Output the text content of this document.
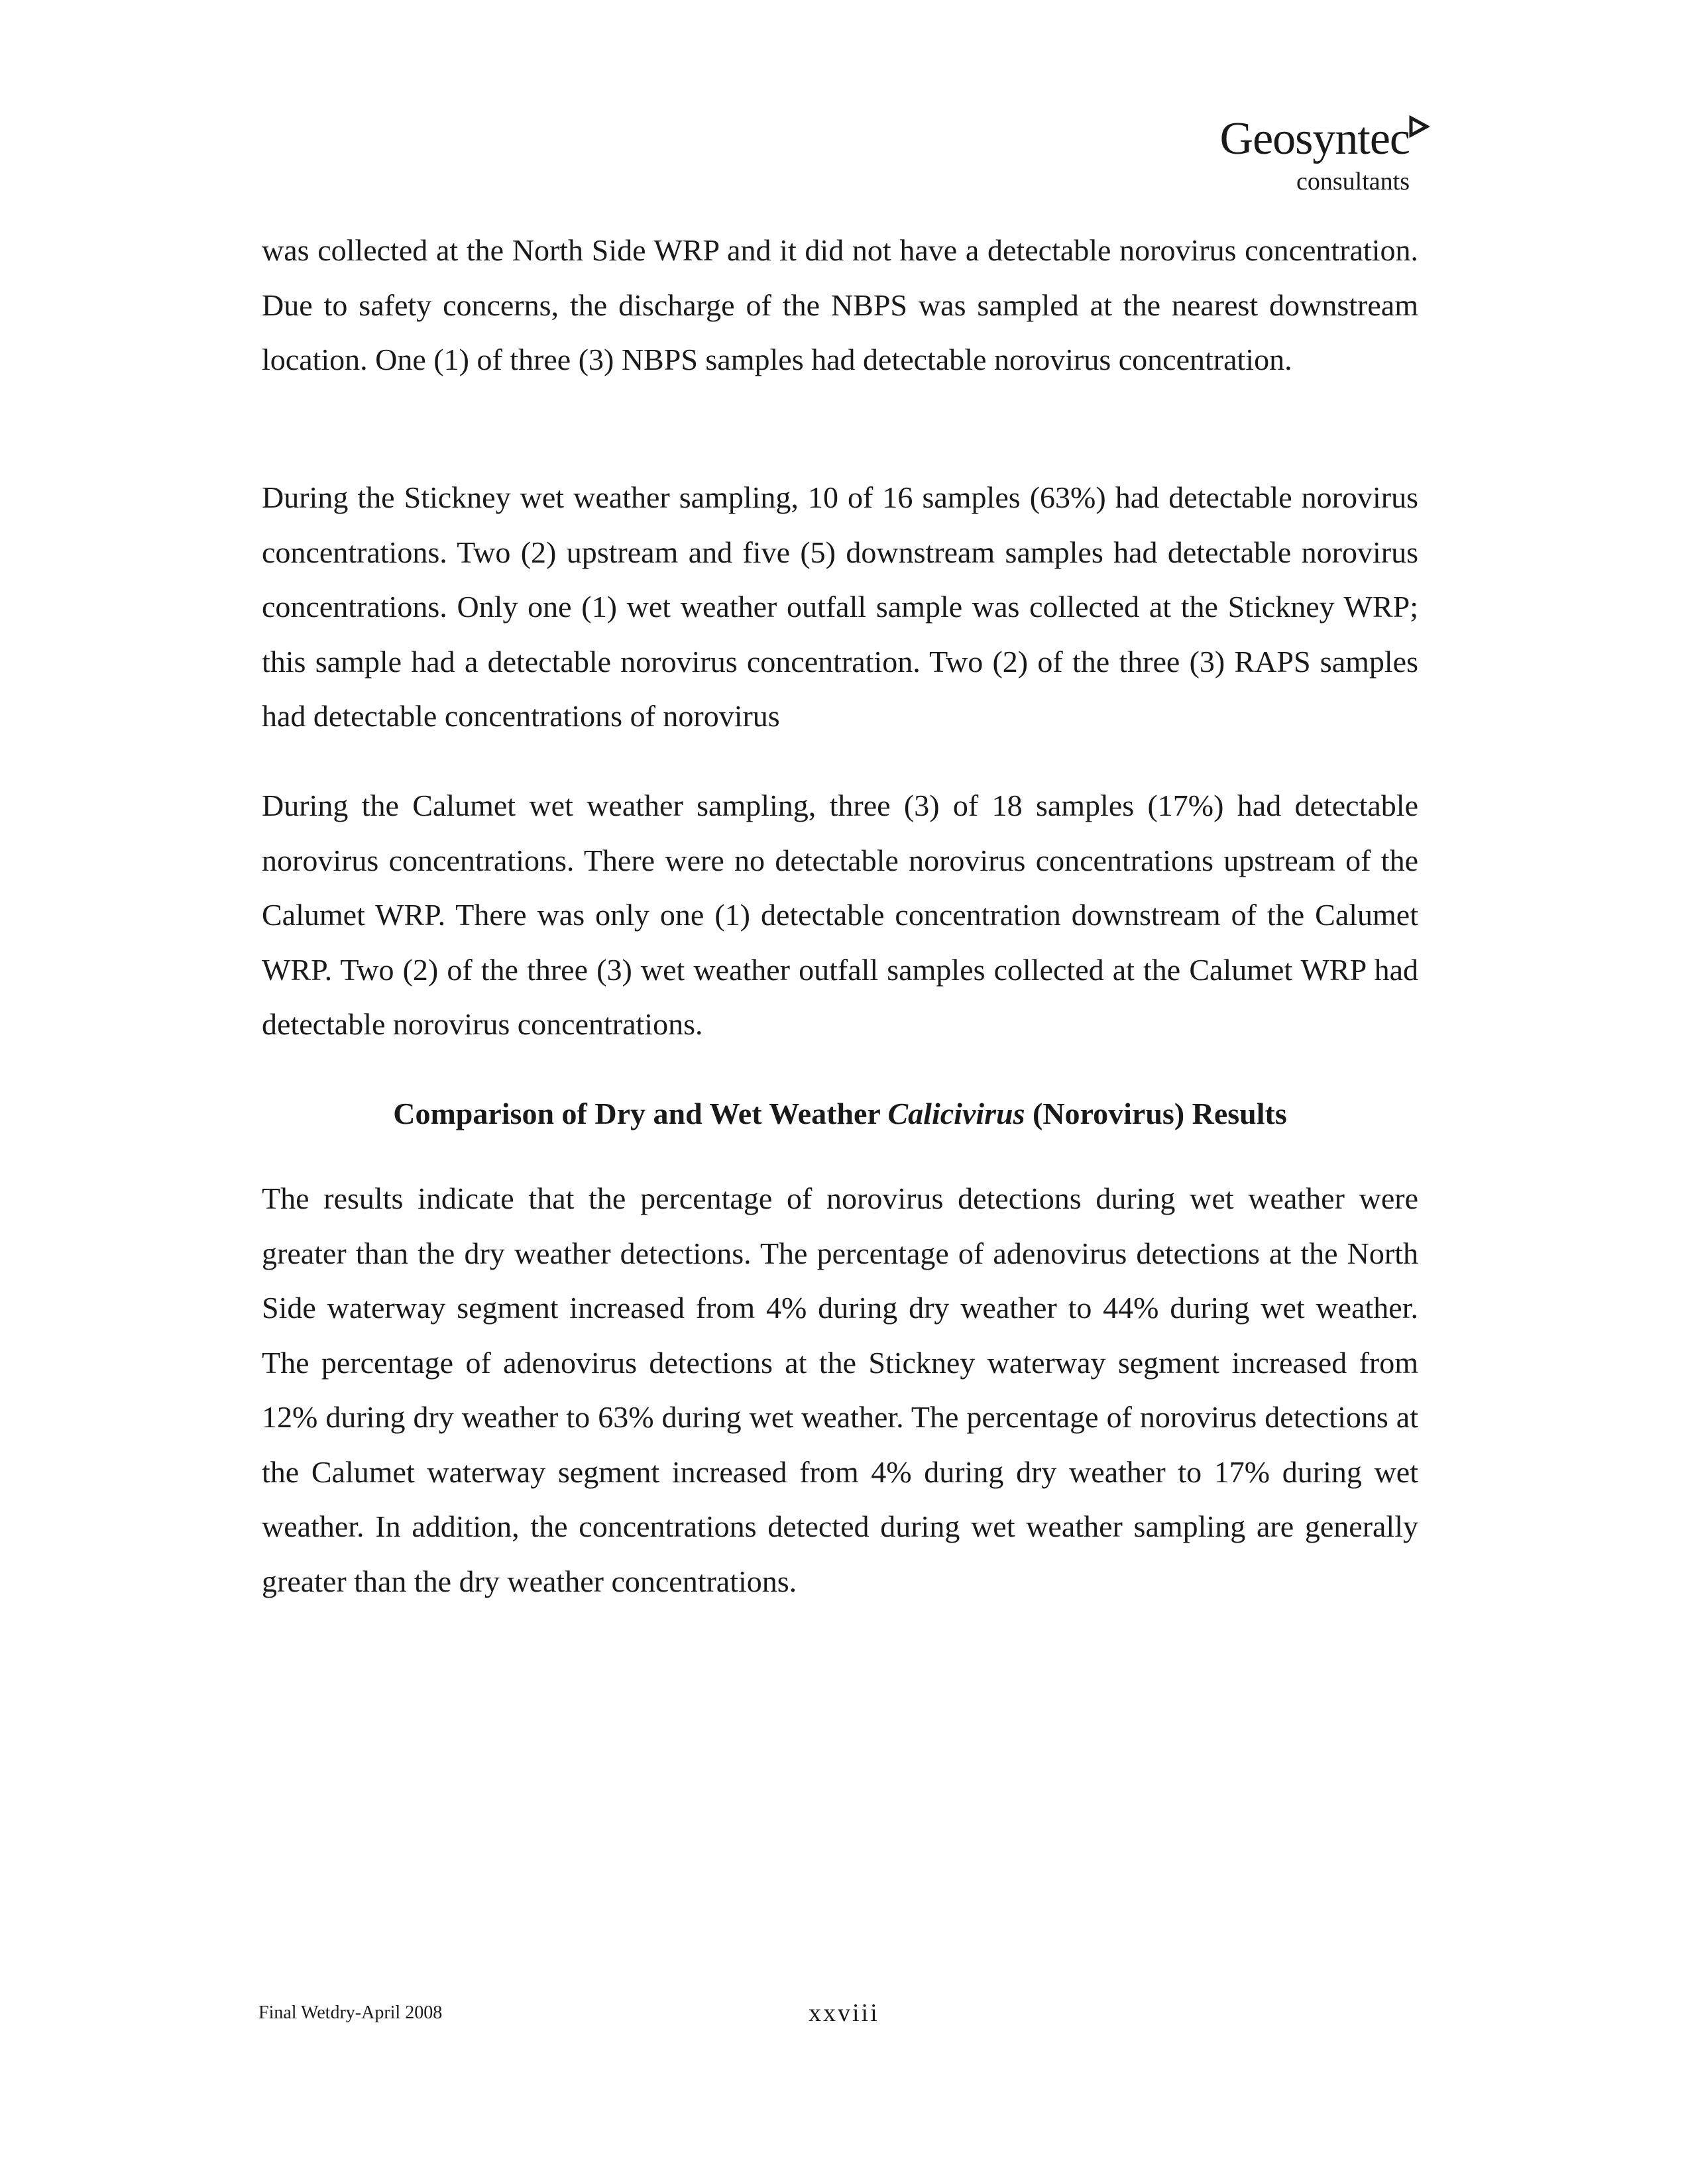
Geosyntec
consultants

was collected at the North Side WRP and it did not have a detectable norovirus concentration. Due to safety concerns, the discharge of the NBPS was sampled at the nearest downstream location. One (1) of three (3) NBPS samples had detectable norovirus concentration.

During the Stickney wet weather sampling, 10 of 16 samples (63%) had detectable norovirus concentrations. Two (2) upstream and five (5) downstream samples had detectable norovirus concentrations. Only one (1) wet weather outfall sample was collected at the Stickney WRP; this sample had a detectable norovirus concentration. Two (2) of the three (3) RAPS samples had detectable concentrations of norovirus

During the Calumet wet weather sampling, three (3) of 18 samples (17%) had detectable norovirus concentrations. There were no detectable norovirus concentrations upstream of the Calumet WRP. There was only one (1) detectable concentration downstream of the Calumet WRP. Two (2) of the three (3) wet weather outfall samples collected at the Calumet WRP had detectable norovirus concentrations.

Comparison of Dry and Wet Weather Calicivirus (Norovirus) Results

The results indicate that the percentage of norovirus detections during wet weather were greater than the dry weather detections. The percentage of adenovirus detections at the North Side waterway segment increased from 4% during dry weather to 44% during wet weather. The percentage of adenovirus detections at the Stickney waterway segment increased from 12% during dry weather to 63% during wet weather. The percentage of norovirus detections at the Calumet waterway segment increased from 4% during dry weather to 17% during wet weather. In addition, the concentrations detected during wet weather sampling are generally greater than the dry weather concentrations.

Final Wetdry-April 2008	xxviii
